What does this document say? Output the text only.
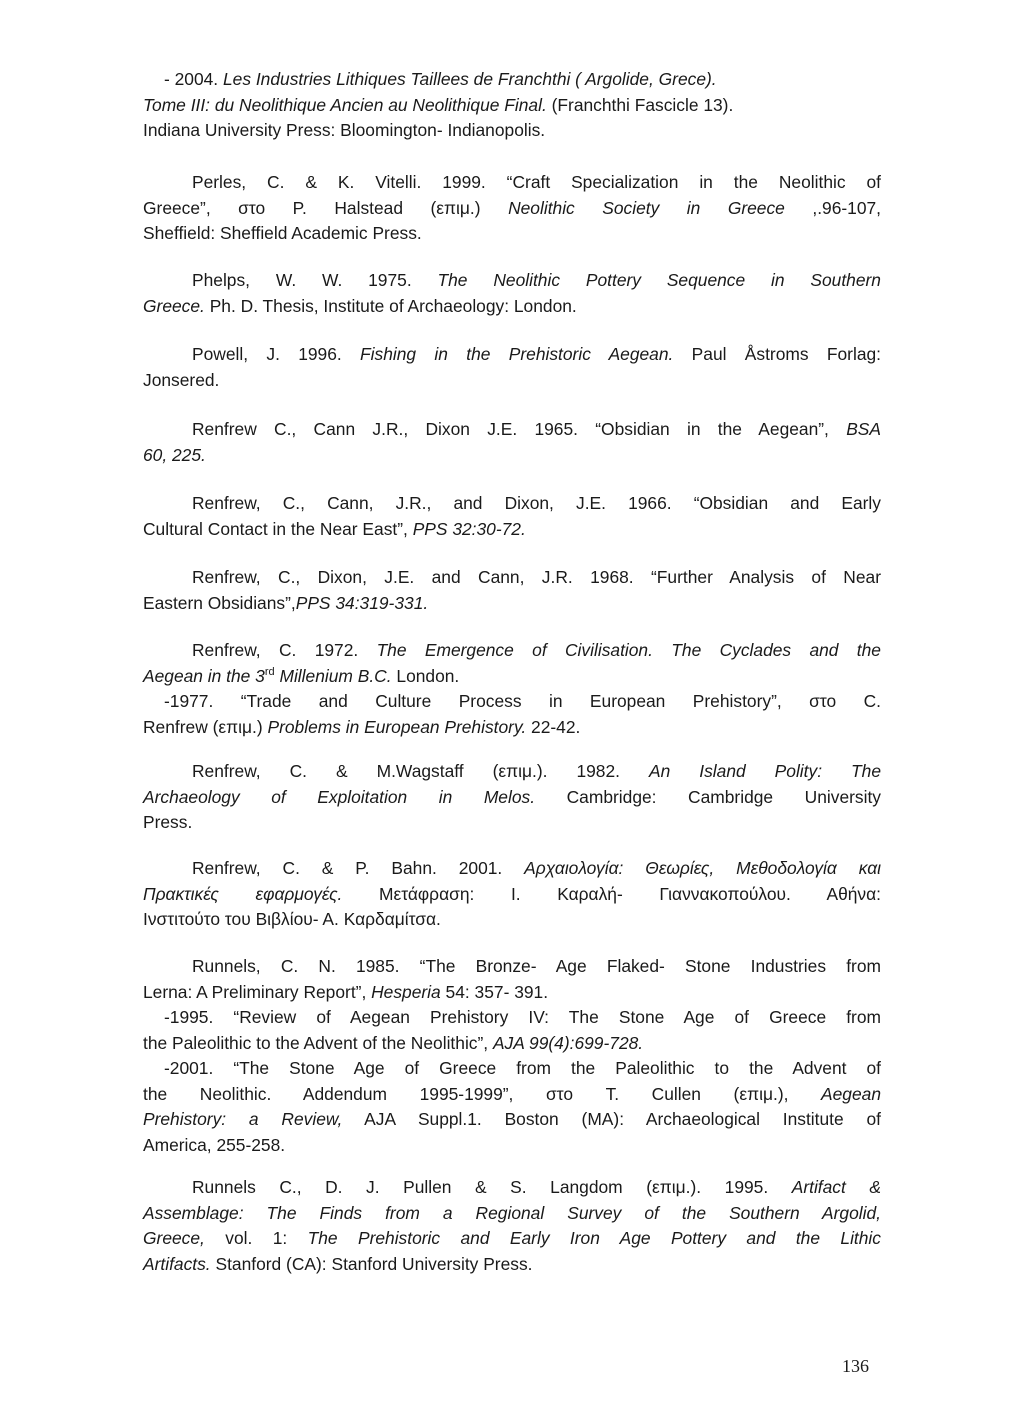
- 2004. Les Industries Lithiques Taillees de Franchthi ( Argolide, Grece).
Tome III: du Neolithique Ancien au Neolithique Final. (Franchthi Fascicle 13).
Indiana University Press: Bloomington- Indianopolis.
Perles, C. & K. Vitelli. 1999. “Craft Specialization in the Neolithic of
Greece”, στο P. Halstead (επιμ.) Neolithic Society in Greece ,.96-107,
Sheffield: Sheffield Academic Press.
Phelps, W. W. 1975. The Neolithic Pottery Sequence in Southern
Greece. Ph. D. Thesis, Institute of Archaeology: London.
Powell, J. 1996. Fishing in the Prehistoric Aegean. Paul Åstroms Forlag:
Jonsered.
Renfrew C., Cann J.R., Dixon J.E. 1965. “Obsidian in the Aegean”, BSA
60, 225.
Renfrew, C., Cann, J.R., and Dixon, J.E. 1966. “Obsidian and Early
Cultural Contact in the Near East”, PPS 32:30-72.
Renfrew, C., Dixon, J.E. and Cann, J.R. 1968. “Further Analysis of Near
Eastern Obsidians”,PPS 34:319-331.
Renfrew, C. 1972. The Emergence of Civilisation. The Cyclades and the
Aegean in the 3rd Millenium B.C. London.
-1977. “Trade and Culture Process in European Prehistory”, στο C.
Renfrew (επιμ.) Problems in European Prehistory. 22-42.
Renfrew, C. & M.Wagstaff (επιμ.). 1982. An Island Polity: The
Archaeology of Exploitation in Melos. Cambridge: Cambridge University
Press.
Renfrew, C. & P. Bahn. 2001. Αρχαιολογία: Θεωρίες, Μεθοδολογία και
Πρακτικές εφαρμογές. Μετάφραση: Ι. Καραλή- Γιαννακοπούλου. Αθήνα:
Ινστιτούτο του Βιβλίου- Α. Καρδαμίτσα.
Runnels, C. N. 1985. “The Bronze- Age Flaked- Stone Industries from
Lerna: A Preliminary Report”, Hesperia 54: 357- 391.
-1995. “Review of Aegean Prehistory IV: The Stone Age of Greece from
the Paleolithic to the Advent of the Neolithic”, AJA 99(4):699-728.
-2001. “The Stone Age of Greece from the Paleolithic to the Advent of
the Neolithic. Addendum 1995-1999”, στο T. Cullen (επιμ.), Aegean
Prehistory: a Review, AJA Suppl.1. Boston (MA): Archaeological Institute of
America, 255-258.
Runnels C., D. J. Pullen & S. Langdom (επιμ.). 1995. Artifact &
Assemblage: The Finds from a Regional Survey of the Southern Argolid,
Greece, vol. 1: The Prehistoric and Early Iron Age Pottery and the Lithic
Artifacts. Stanford (CA): Stanford University Press.
136
